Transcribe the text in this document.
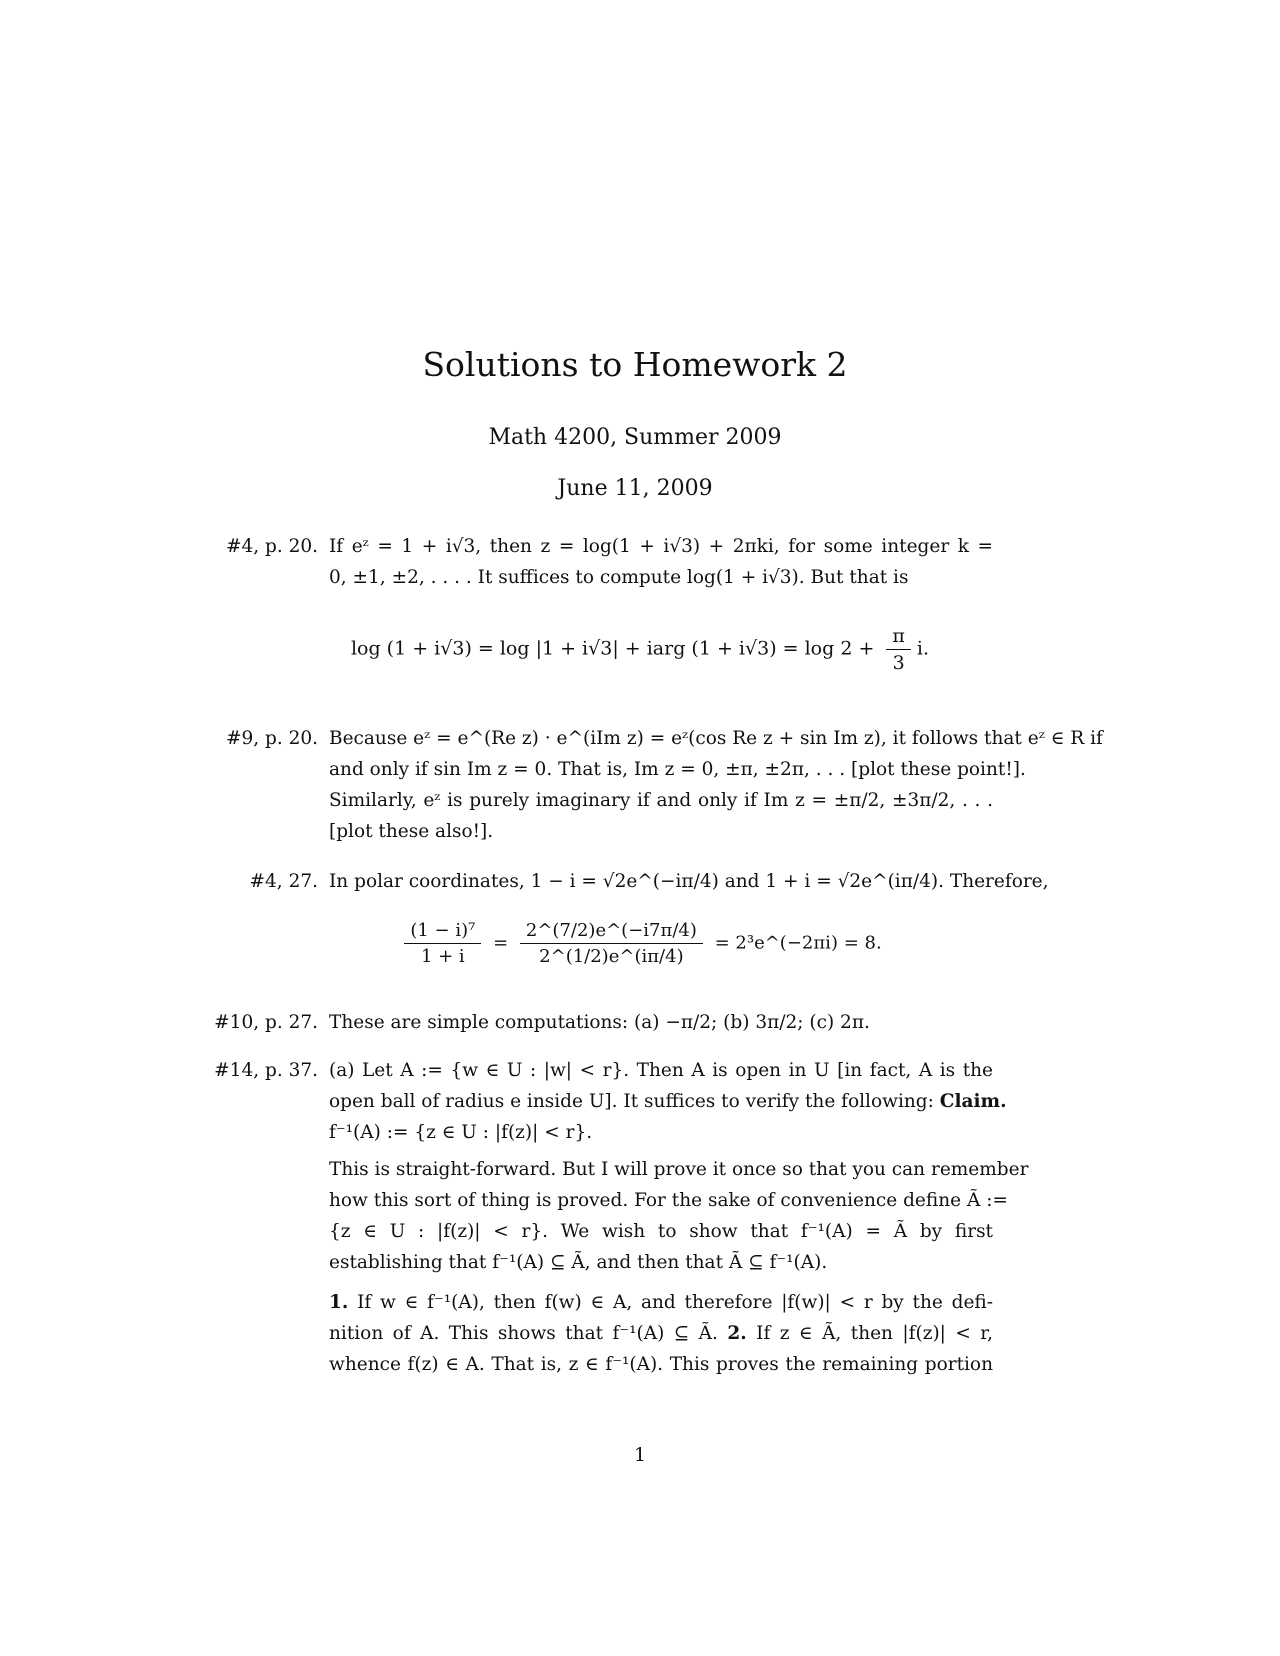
Solutions to Homework 2
Math 4200, Summer 2009
June 11, 2009
#4, p. 20. If eᶻ = 1 + i√3, then z = log(1 + i√3) + 2πki, for some integer k =
0, ±1, ±2, . . . . It suffices to compute log(1 + i√3). But that is
log (1 + i√3) = log |1 + i√3| + iarg $(1 + i√3) = \log 2 + \frac{\pi}{3} i$.
#9, p. 20. Because eᶻ = e^(Re z) · e^(iIm z) = eᶻ(cos Re z + sin Im z), it follows that eᶻ ∈ R if
and only if sin Im z = 0. That is, Im z = 0, ±π, ±2π, . . . [plot these point!].
Similarly, eᶻ is purely imaginary if and only if Im z = ±π/2, ±3π/2, . . .
[plot these also!].
#4, 27. In polar coordinates, 1 − i = √2e^(−iπ/4) and 1 + i = √2e^(iπ/4). Therefore,
$\frac{\text{(1 − i)⁷}}{1 + i} = \frac{2\^{}(7/2)e\^{}(-i7\pi/4)}{2\^{}(1/2)e\^{}(i\pi/4)}$ = 2³e^(−2πi) = 8.
#10, p. 27. These are simple computations: (a) −π/2; (b) 3π/2; (c) 2π.
#14, p. 37. (a) Let A := {w ∈ U : |w| < r}. Then A is open in U [in fact, A is the
open ball of radius e inside U]. It suffices to verify the following: Claim.
f⁻¹(A) := {z ∈ U : |f(z)| < r}.
This is straight-forward. But I will prove it once so that you can remember
how this sort of thing is proved. For the sake of convenience define Ã :=
{z ∈ U : |f(z)| < r}. We wish to show that f⁻¹(A) = Ã by first
establishing that f⁻¹(A) ⊆ Ã, and then that Ã ⊆ f⁻¹(A).
1. If w ∈ f⁻¹(A), then f(w) ∈ A, and therefore |f(w)| < r by the defi-
nition of A. This shows that f⁻¹(A) ⊆ Ã. 2. If z ∈ Ã, then |f(z)| < r,
whence f(z) ∈ A. That is, z ∈ f⁻¹(A). This proves the remaining portion
1
